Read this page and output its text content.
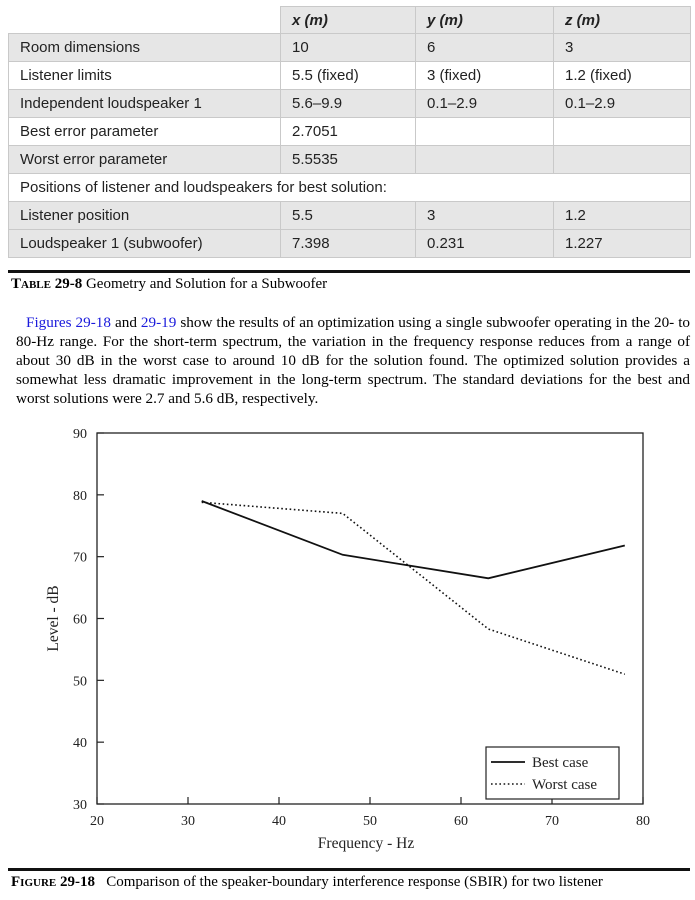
	x (m)	y (m)	z (m)
Room dimensions	10	6	3
Listener limits	5.5 (fixed)	3 (fixed)	1.2 (fixed)
Independent loudspeaker 1	5.6–9.9	0.1–2.9	0.1–2.9
Best error parameter	2.7051		
Worst error parameter	5.5535		
Positions of listener and loudspeakers for best solution:			
Listener position	5.5	3	1.2
Loudspeaker 1 (subwoofer)	7.398	0.231	1.227
Table 29-8 Geometry and Solution for a Subwoofer

Figures 29-18 and 29-19 show the results of an optimization using a single subwoofer operating in the 20- to 80-Hz range. For the short-term spectrum, the variation in the frequency response reduces from a range of about 30 dB in the worst case to around 10 dB for the solution found. The optimized solution provides a somewhat less dramatic improvement in the long-term spectrum. The standard deviations for the best and worst solutions were 2.7 and 5.6 dB, respectively.

30
40
50
60
70
80
90
20	30	40	50	60	70	80
Frequency - Hz
Level - dB
Best case
Worst case
Figure 29-18 Comparison of the speaker-boundary interference response (SBIR) for two listener
